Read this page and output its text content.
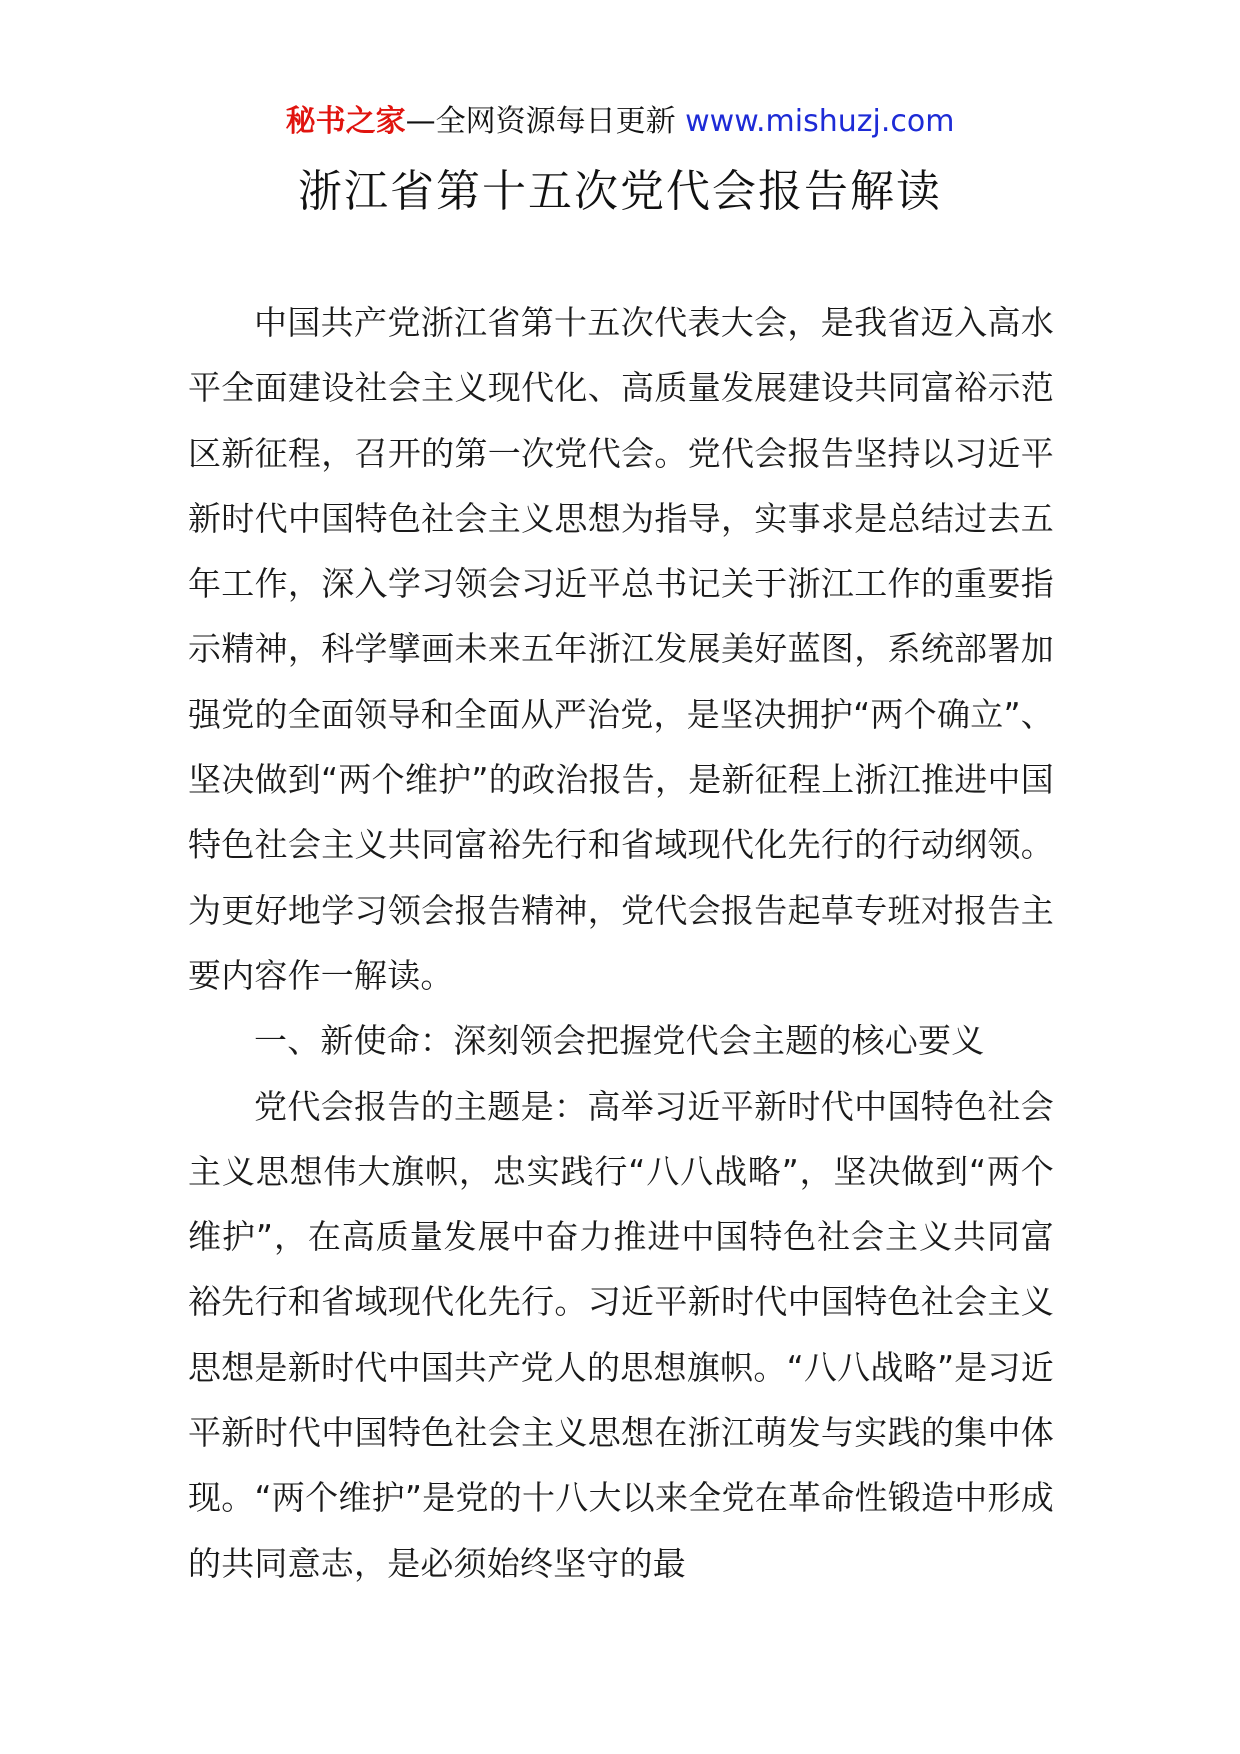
秘书之家—全网资源每日更新 www.mishuzj.com
浙江省第十五次党代会报告解读

中国共产党浙江省第十五次代表大会，是我省迈入高水平全面建设社会主义现代化、高质量发展建设共同富裕示范区新征程，召开的第一次党代会。党代会报告坚持以习近平新时代中国特色社会主义思想为指导，实事求是总结过去五年工作，深入学习领会习近平总书记关于浙江工作的重要指示精神，科学擘画未来五年浙江发展美好蓝图，系统部署加强党的全面领导和全面从严治党，是坚决拥护“两个确立”、坚决做到“两个维护”的政治报告，是新征程上浙江推进中国特色社会主义共同富裕先行和省域现代化先行的行动纲领。为更好地学习领会报告精神，党代会报告起草专班对报告主要内容作一解读。

一、新使命：深刻领会把握党代会主题的核心要义

党代会报告的主题是：高举习近平新时代中国特色社会主义思想伟大旗帜，忠实践行“八八战略”，坚决做到“两个维护”，在高质量发展中奋力推进中国特色社会主义共同富裕先行和省域现代化先行。习近平新时代中国特色社会主义思想是新时代中国共产党人的思想旗帜。“八八战略”是习近平新时代中国特色社会主义思想在浙江萌发与实践的集中体现。“两个维护”是党的十八大以来全党在革命性锻造中形成的共同意志，是必须始终坚守的最
